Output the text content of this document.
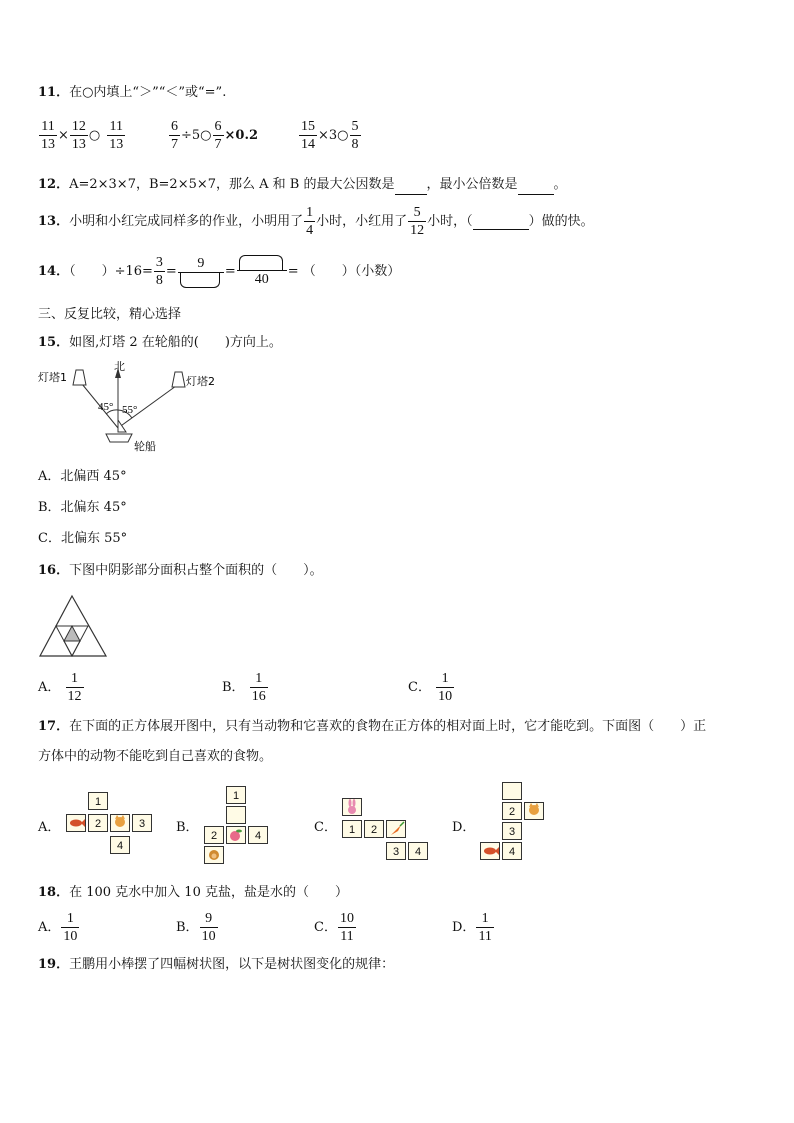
11．在○内填上“＞”“＜”或“=”.
$\frac{11}{13} \times \frac{12}{13}$ ○ $\frac{11}{13}$	$\frac{6}{7}$ ÷5○ $\frac{6}{7} \times 0.2$	$\frac{15}{14}$ ×3○ $\frac{5}{8}$
12．A=2×3×7，B=2×5×7，那么 A 和 B 的最大公因数是 ，最小公倍数是	。
13．小明和小红完成同样多的作业，小明用了 $\frac{1}{4}$ 小时，小红用了 $\frac{5}{12}$ 小时，（	）做的快。
14．（　　）$\div 16= \frac{3}{8}$ =
9
=
40
= （　　）（小数）
三、反复比较，精心选择
15．如图,灯塔 2 在轮船的(　　)方向上。
北
灯塔1	灯塔2
45° 55°
轮船
A．北偏西 45°
B．北偏东 45°
C．北偏东 55°
16．下图中阴影部分面积占整个面积的（　　）。
A． $\frac{1}{12}$	B． $\frac{1}{16}$	C． $\frac{1}{10}$
17．在下面的正方体展开图中，只有当动物和它喜欢的食物在正方体的相对面上时，它才能吃到。下面图（　　）正
方体中的动物不能吃到自己喜欢的食物。
A．
1
2	3
4
B．
1
2	4
C．	1	2
3	4
D．
2
3
4
18．在 100 克水中加入 10 克盐，盐是水的（　　）
A． $\frac{1}{10}$	B． $\frac{9}{10}$	C． $\frac{10}{11}$	D． $\frac{1}{11}$
19．王鹏用小棒摆了四幅树状图，以下是树状图变化的规律：
